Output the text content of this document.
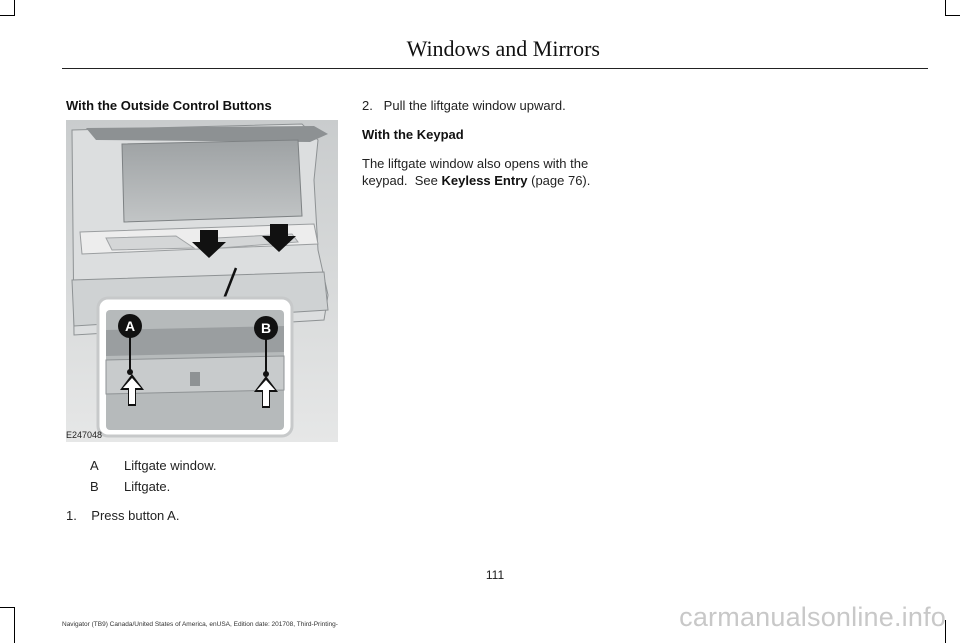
Windows and Mirrors
With the Outside Control Buttons
A	B
E247048
A Liftgate window.
B Liftgate.
1.    Press button A.
2.   Pull the liftgate window upward.
With the Keypad
The liftgate window also opens with the
keypad.  See Keyless Entry (page 76).
111
Navigator (TB9) Canada/United States of America, enUSA, Edition date: 201708, Third-Printing-	carmanualsonline.info
